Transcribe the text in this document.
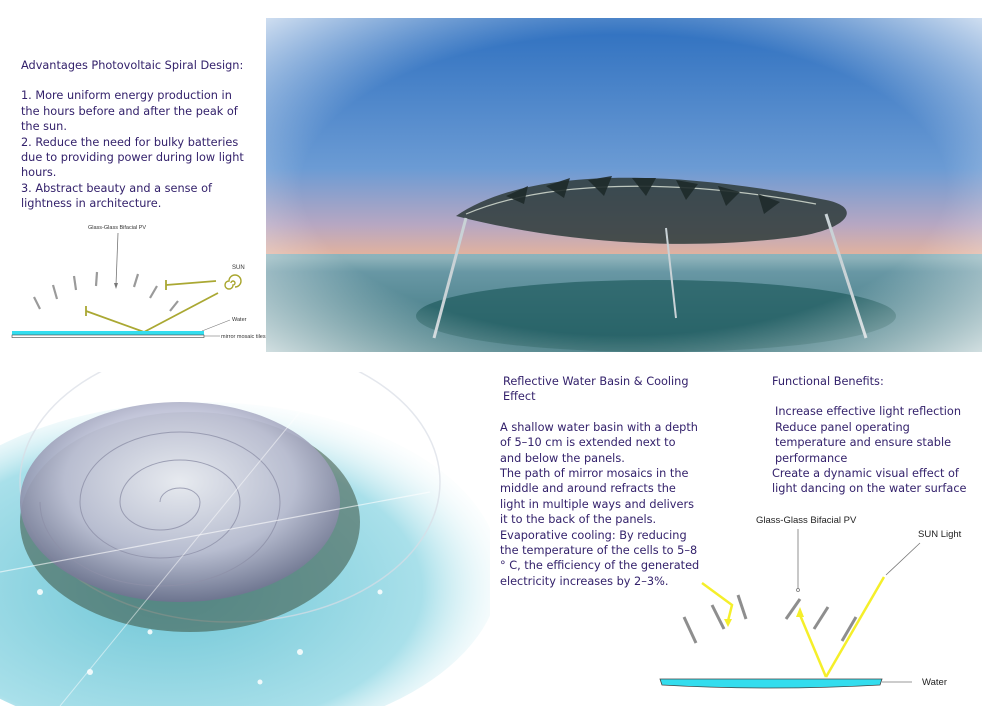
Advantages Photovoltaic Spiral Design:

1. More uniform energy production in the hours before and after the peak of the sun.

2. Reduce the need for bulky batteries due to providing power during low light hours.

3. Abstract beauty and a sense of lightness in architecture.

Glass-Glass Bifacial PV
SUN
Water
mirror mosaic tiles

Reflective Water Basin & Cooling Effect

A shallow water basin with a depth of 5–10 cm is extended next to and below the panels.

The path of mirror mosaics in the middle and around refracts the light in multiple ways and delivers it to the back of the panels.

Evaporative cooling: By reducing the temperature of the cells to 5–8 ° C, the efficiency of the generated electricity increases by 2–3%.

Functional Benefits:

Increase effective light reflection

Reduce panel operating temperature and ensure stable performance

Create a dynamic visual effect of light dancing on the water surface

Glass-Glass Bifacial PV
SUN Light
Water
